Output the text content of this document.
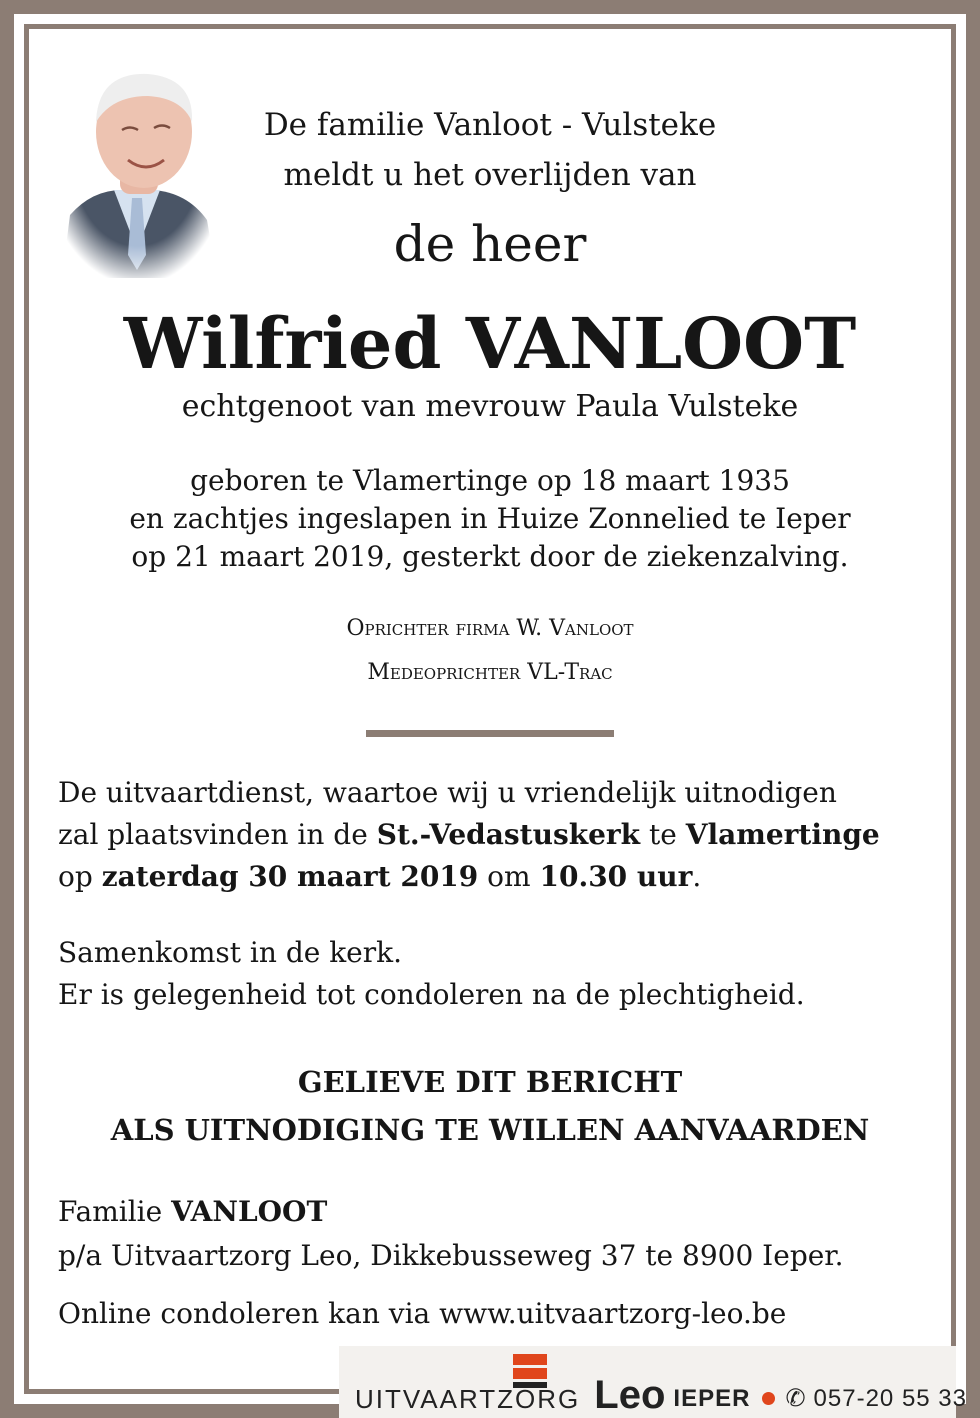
De familie Vanloot - Vulsteke
meldt u het overlijden van
de heer
Wilfried VANLOOT
echtgenoot van mevrouw Paula Vulsteke
geboren te Vlamertinge op 18 maart 1935
en zachtjes ingeslapen in Huize Zonnelied te Ieper
op 21 maart 2019, gesterkt door de ziekenzalving.
Oprichter firma W. Vanloot
Medeoprichter VL-Trac
De uitvaartdienst, waartoe wij u vriendelijk uitnodigen
zal plaatsvinden in de St.-Vedastuskerk te Vlamertinge
op zaterdag 30 maart 2019 om 10.30 uur.
Samenkomst in de kerk.
Er is gelegenheid tot condoleren na de plechtigheid.
GELIEVE DIT BERICHT
ALS UITNODIGING TE WILLEN AANVAARDEN
Familie VANLOOT
p/a Uitvaartzorg Leo, Dikkebusseweg 37 te 8900 Ieper.
Online condoleren kan via www.uitvaartzorg-leo.be
UITVAARTZORG Leo IEPER ✆ 057-20 55 33
